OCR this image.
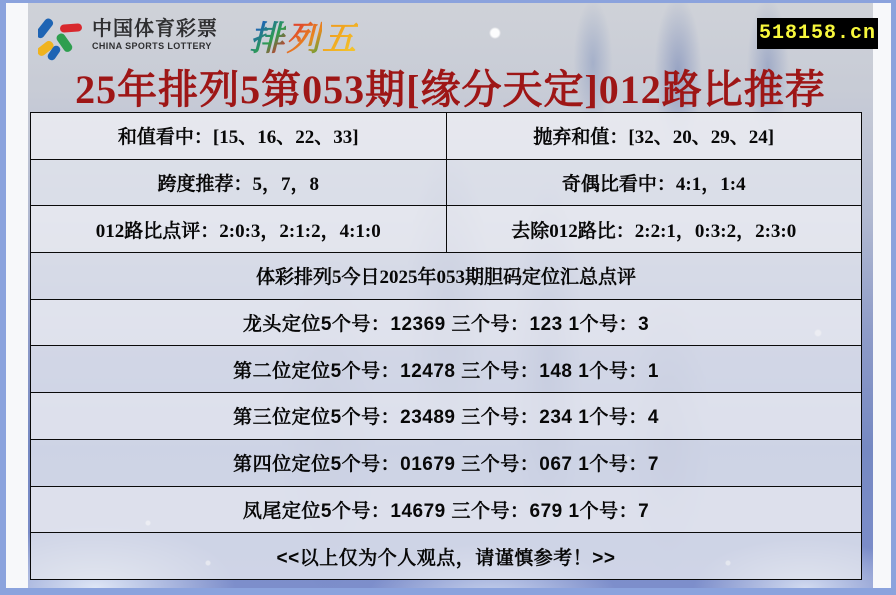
中国体育彩票
CHINA SPORTS LOTTERY 排列五	518158.cn
25年排列5第053期[缘分天定]012路比推荐
和值看中：[15、16、22、33]	抛弃和值：[32、20、29、24]
跨度推荐：5，7，8	奇偶比看中：4:1，1:4
012路比点评：2:0:3，2:1:2，4:1:0	去除012路比：2:2:1，0:3:2，2:3:0
体彩排列5今日2025年053期胆码定位汇总点评	
龙头定位5个号：12369 三个号：123 1个号：3	
第二位定位5个号：12478 三个号：148 1个号：1	
第三位定位5个号：23489 三个号：234 1个号：4	
第四位定位5个号：01679 三个号：067 1个号：7	
凤尾定位5个号：14679 三个号：679 1个号：7	
<<以上仅为个人观点，请谨慎参考！>>	
